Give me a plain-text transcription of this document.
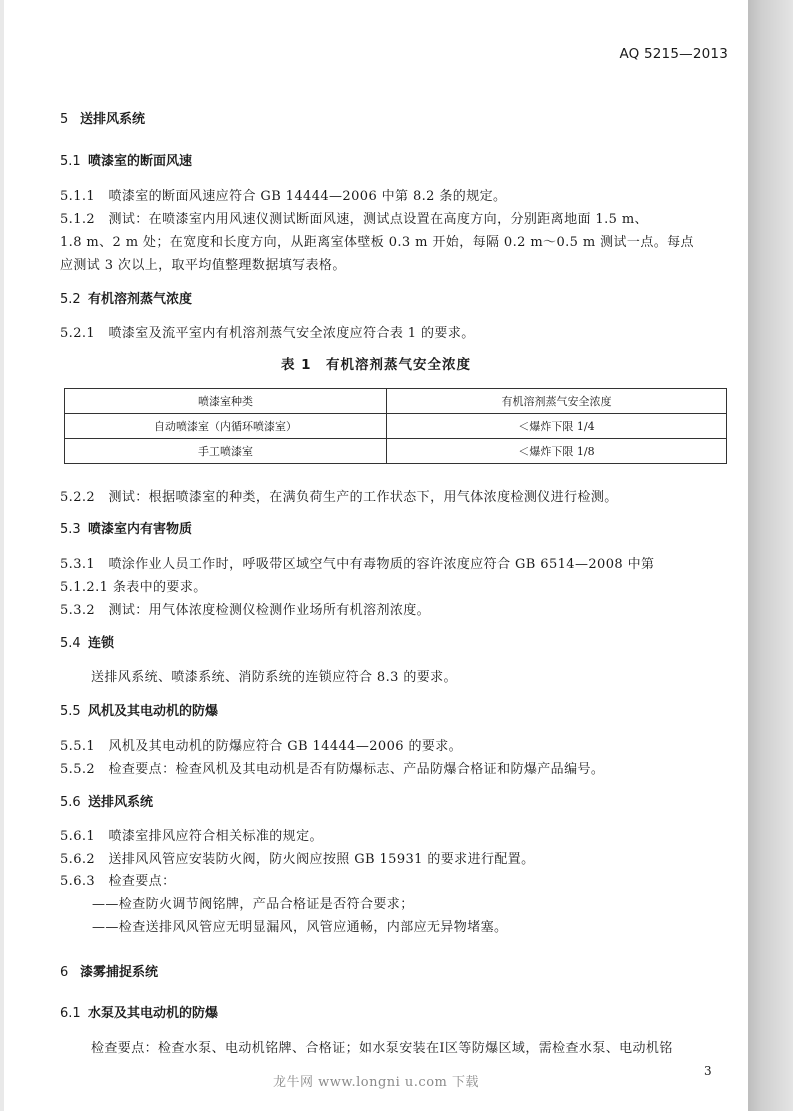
AQ 5215—2013
5 送排风系统
5.1 喷漆室的断面风速
5.1.1　喷漆室的断面风速应符合 GB 14444—2006 中第 8.2 条的规定。
5.1.2　测试：在喷漆室内用风速仪测试断面风速，测试点设置在高度方向，分别距离地面 1.5 m、
1.8 m、2 m 处；在宽度和长度方向，从距离室体壁板 0.3 m 开始，每隔 0.2 m～0.5 m 测试一点。每点
应测试 3 次以上，取平均值整理数据填写表格。
5.2 有机溶剂蒸气浓度
5.2.1　喷漆室及流平室内有机溶剂蒸气安全浓度应符合表 1 的要求。
表 1　有机溶剂蒸气安全浓度
喷漆室种类	有机溶剂蒸气安全浓度
自动喷漆室（内循环喷漆室）	＜爆炸下限 1/4
手工喷漆室	＜爆炸下限 1/8
5.2.2　测试：根据喷漆室的种类，在满负荷生产的工作状态下，用气体浓度检测仪进行检测。
5.3 喷漆室内有害物质
5.3.1　喷涂作业人员工作时，呼吸带区域空气中有毒物质的容许浓度应符合 GB 6514—2008 中第
5.1.2.1 条表中的要求。
5.3.2　测试：用气体浓度检测仪检测作业场所有机溶剂浓度。
5.4 连锁
送排风系统、喷漆系统、消防系统的连锁应符合 8.3 的要求。
5.5 风机及其电动机的防爆
5.5.1　风机及其电动机的防爆应符合 GB 14444—2006 的要求。
5.5.2　检查要点：检查风机及其电动机是否有防爆标志、产品防爆合格证和防爆产品编号。
5.6 送排风系统
5.6.1　喷漆室排风应符合相关标准的规定。
5.6.2　送排风风管应安装防火阀，防火阀应按照 GB 15931 的要求进行配置。
5.6.3　检查要点：
——检查防火调节阀铭牌，产品合格证是否符合要求；
——检查送排风风管应无明显漏风，风管应通畅，内部应无异物堵塞。
6 漆雾捕捉系统
6.1 水泵及其电动机的防爆
检查要点：检查水泵、电动机铭牌、合格证；如水泵安装在Ⅰ区等防爆区域，需检查水泵、电动机铭
3
龙牛网 www.longni u.com 下载
